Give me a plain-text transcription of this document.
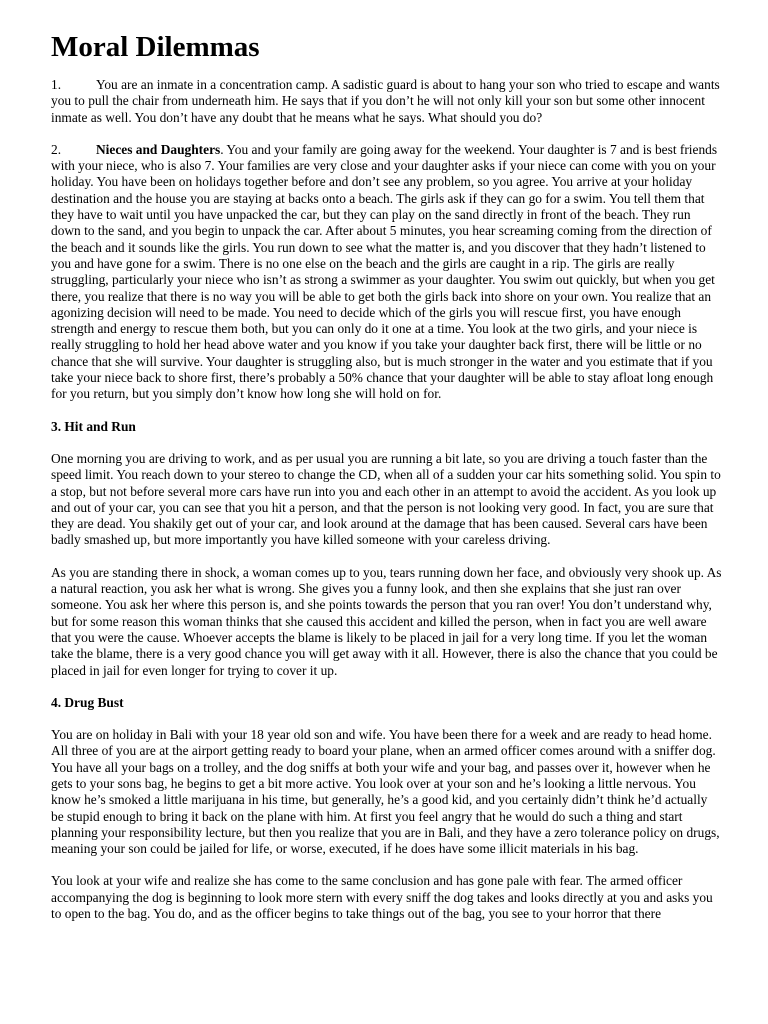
Moral Dilemmas

1.	You are an inmate in a concentration camp. A sadistic guard is about to hang your son who tried to escape and wants you to pull the chair from underneath him. He says that if you don’t he will not only kill your son but some other innocent inmate as well. You don’t have any doubt that he means what he says. What should you do?

2.	Nieces and Daughters. You and your family are going away for the weekend. Your daughter is 7 and is best friends with your niece, who is also 7. Your families are very close and your daughter asks if your niece can come with you on your holiday. You have been on holidays together before and don’t see any problem, so you agree. You arrive at your holiday destination and the house you are staying at backs onto a beach. The girls ask if they can go for a swim. You tell them that they have to wait until you have unpacked the car, but they can play on the sand directly in front of the beach. They run down to the sand, and you begin to unpack the car. After about 5 minutes, you hear screaming coming from the direction of the beach and it sounds like the girls. You run down to see what the matter is, and you discover that they hadn’t listened to you and have gone for a swim. There is no one else on the beach and the girls are caught in a rip. The girls are really struggling, particularly your niece who isn’t as strong a swimmer as your daughter. You swim out quickly, but when you get there, you realize that there is no way you will be able to get both the girls back into shore on your own. You realize that an agonizing decision will need to be made. You need to decide which of the girls you will rescue first, you have enough strength and energy to rescue them both, but you can only do it one at a time. You look at the two girls, and your niece is really struggling to hold her head above water and you know if you take your daughter back first, there will be little or no chance that she will survive. Your daughter is struggling also, but is much stronger in the water and you estimate that if you take your niece back to shore first, there’s probably a 50% chance that your daughter will be able to stay afloat long enough for you return, but you simply don’t know how long she will hold on for.

3. Hit and Run

One morning you are driving to work, and as per usual you are running a bit late, so you are driving a touch faster than the speed limit. You reach down to your stereo to change the CD, when all of a sudden your car hits something solid. You spin to a stop, but not before several more cars have run into you and each other in an attempt to avoid the accident. As you look up and out of your car, you can see that you hit a person, and that the person is not looking very good. In fact, you are sure that they are dead. You shakily get out of your car, and look around at the damage that has been caused. Several cars have been badly smashed up, but more importantly you have killed someone with your careless driving.

As you are standing there in shock, a woman comes up to you, tears running down her face, and obviously very shook up. As a natural reaction, you ask her what is wrong. She gives you a funny look, and then she explains that she just ran over someone. You ask her where this person is, and she points towards the person that you ran over! You don’t understand why, but for some reason this woman thinks that she caused this accident and killed the person, when in fact you are well aware that you were the cause. Whoever accepts the blame is likely to be placed in jail for a very long time. If you let the woman take the blame, there is a very good chance you will get away with it all. However, there is also the chance that you could be placed in jail for even longer for trying to cover it up.

4. Drug Bust

You are on holiday in Bali with your 18 year old son and wife. You have been there for a week and are ready to head home. All three of you are at the airport getting ready to board your plane, when an armed officer comes around with a sniffer dog. You have all your bags on a trolley, and the dog sniffs at both your wife and your bag, and passes over it, however when he gets to your sons bag, he begins to get a bit more active. You look over at your son and he’s looking a little nervous. You know he’s smoked a little marijuana in his time, but generally, he’s a good kid, and you certainly didn’t think he’d actually be stupid enough to bring it back on the plane with him. At first you feel angry that he would do such a thing and start planning your responsibility lecture, but then you realize that you are in Bali, and they have a zero tolerance policy on drugs, meaning your son could be jailed for life, or worse, executed, if he does have some illicit materials in his bag.

You look at your wife and realize she has come to the same conclusion and has gone pale with fear. The armed officer accompanying the dog is beginning to look more stern with every sniff the dog takes and looks directly at you and asks you to open to the bag. You do, and as the officer begins to take things out of the bag, you see to your horror that there
